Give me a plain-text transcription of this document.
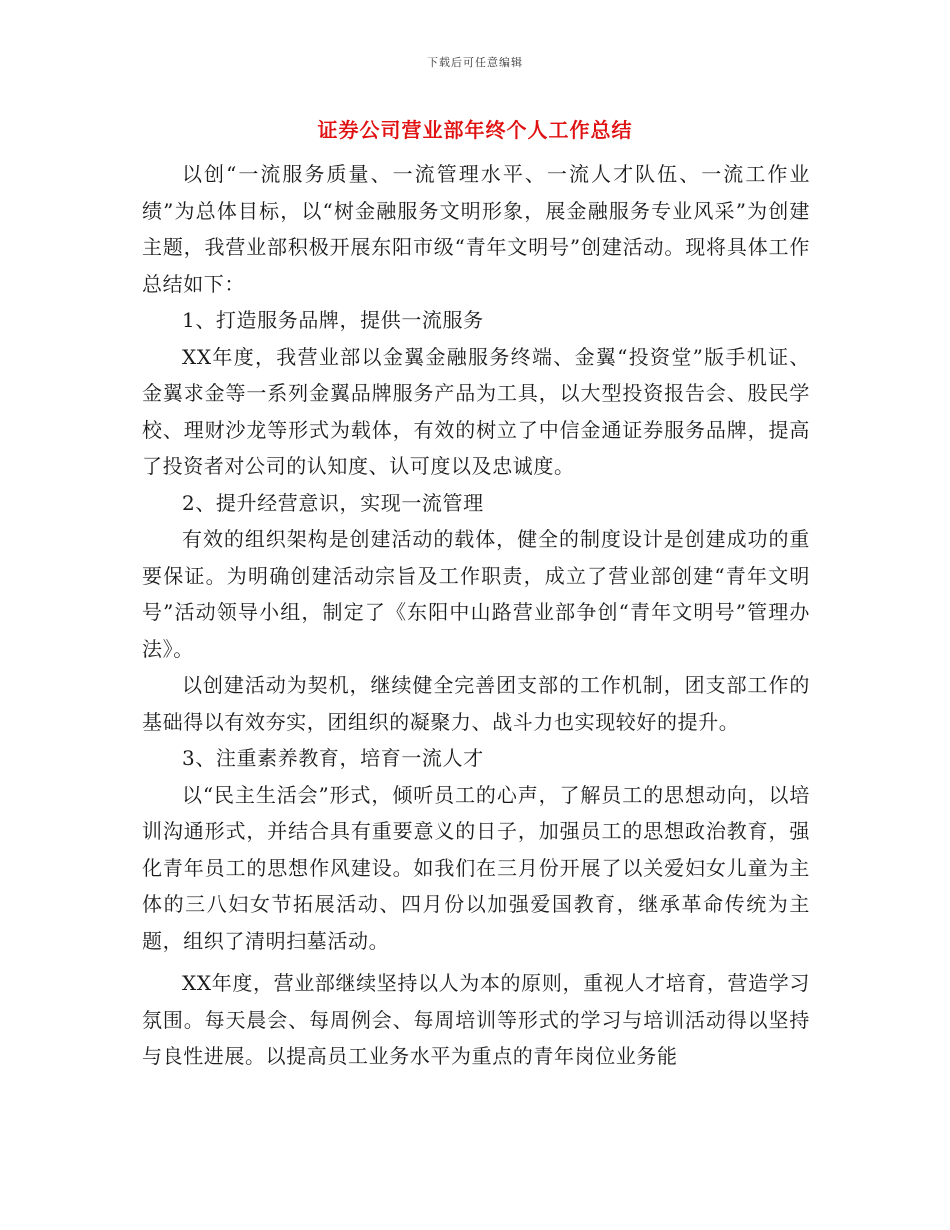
下载后可任意编辑
证券公司营业部年终个人工作总结

以创“一流服务质量、一流管理水平、一流人才队伍、一流工作业绩”为总体目标，以“树金融服务文明形象，展金融服务专业风采”为创建主题，我营业部积极开展东阳市级“青年文明号”创建活动。现将具体工作总结如下：

1、打造服务品牌，提供一流服务

XX年度，我营业部以金翼金融服务终端、金翼“投资堂”版手机证、金翼求金等一系列金翼品牌服务产品为工具，以大型投资报告会、股民学校、理财沙龙等形式为载体，有效的树立了中信金通证券服务品牌，提高了投资者对公司的认知度、认可度以及忠诚度。

2、提升经营意识，实现一流管理

有效的组织架构是创建活动的载体，健全的制度设计是创建成功的重要保证。为明确创建活动宗旨及工作职责，成立了营业部创建“青年文明号”活动领导小组，制定了《东阳中山路营业部争创“青年文明号”管理办法》。

以创建活动为契机，继续健全完善团支部的工作机制，团支部工作的基础得以有效夯实，团组织的凝聚力、战斗力也实现较好的提升。

3、注重素养教育，培育一流人才

以“民主生活会”形式，倾听员工的心声，了解员工的思想动向，以培训沟通形式，并结合具有重要意义的日子，加强员工的思想政治教育，强化青年员工的思想作风建设。如我们在三月份开展了以关爱妇女儿童为主体的三八妇女节拓展活动、四月份以加强爱国教育，继承革命传统为主题，组织了清明扫墓活动。

XX年度，营业部继续坚持以人为本的原则，重视人才培育，营造学习氛围。每天晨会、每周例会、每周培训等形式的学习与培训活动得以坚持与良性进展。以提高员工业务水平为重点的青年岗位业务能
